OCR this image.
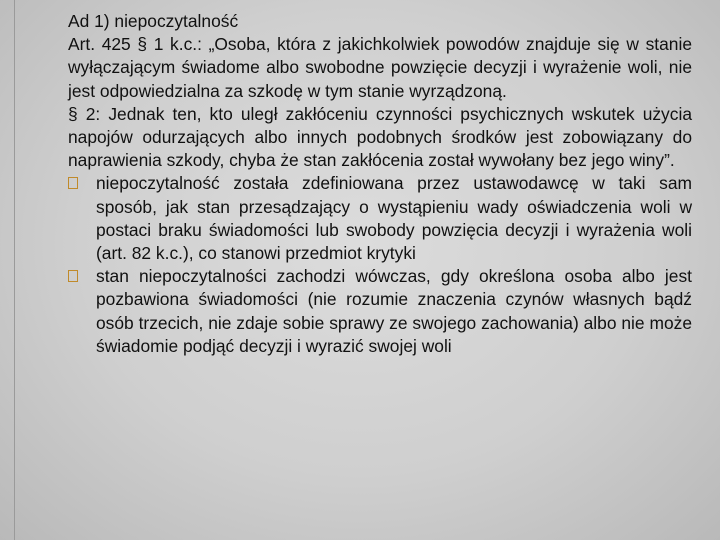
Ad 1) niepoczytalność

Art. 425 § 1 k.c.: „Osoba, która z jakichkolwiek powodów znajduje się w stanie wyłączającym świadome albo swobodne powzięcie decyzji i wyrażenie woli, nie jest odpowiedzialna za szkodę w tym stanie wyrządzoną.

§ 2: Jednak ten, kto uległ zakłóceniu czynności psychicznych wskutek użycia napojów odurzających albo innych podobnych środków jest zobowiązany do naprawienia szkody, chyba że stan zakłócenia został wywołany bez jego winy”.

niepoczytalność została zdefiniowana przez ustawodawcę w taki sam sposób, jak stan przesądzający o wystąpieniu wady oświadczenia woli w postaci braku świadomości lub swobody powzięcia decyzji i wyrażenia woli (art. 82 k.c.), co stanowi przedmiot krytyki

stan niepoczytalności zachodzi wówczas, gdy określona osoba albo jest pozbawiona świadomości (nie rozumie znaczenia czynów własnych bądź osób trzecich, nie zdaje sobie sprawy ze swojego zachowania) albo nie może świadomie podjąć decyzji i wyrazić swojej woli
